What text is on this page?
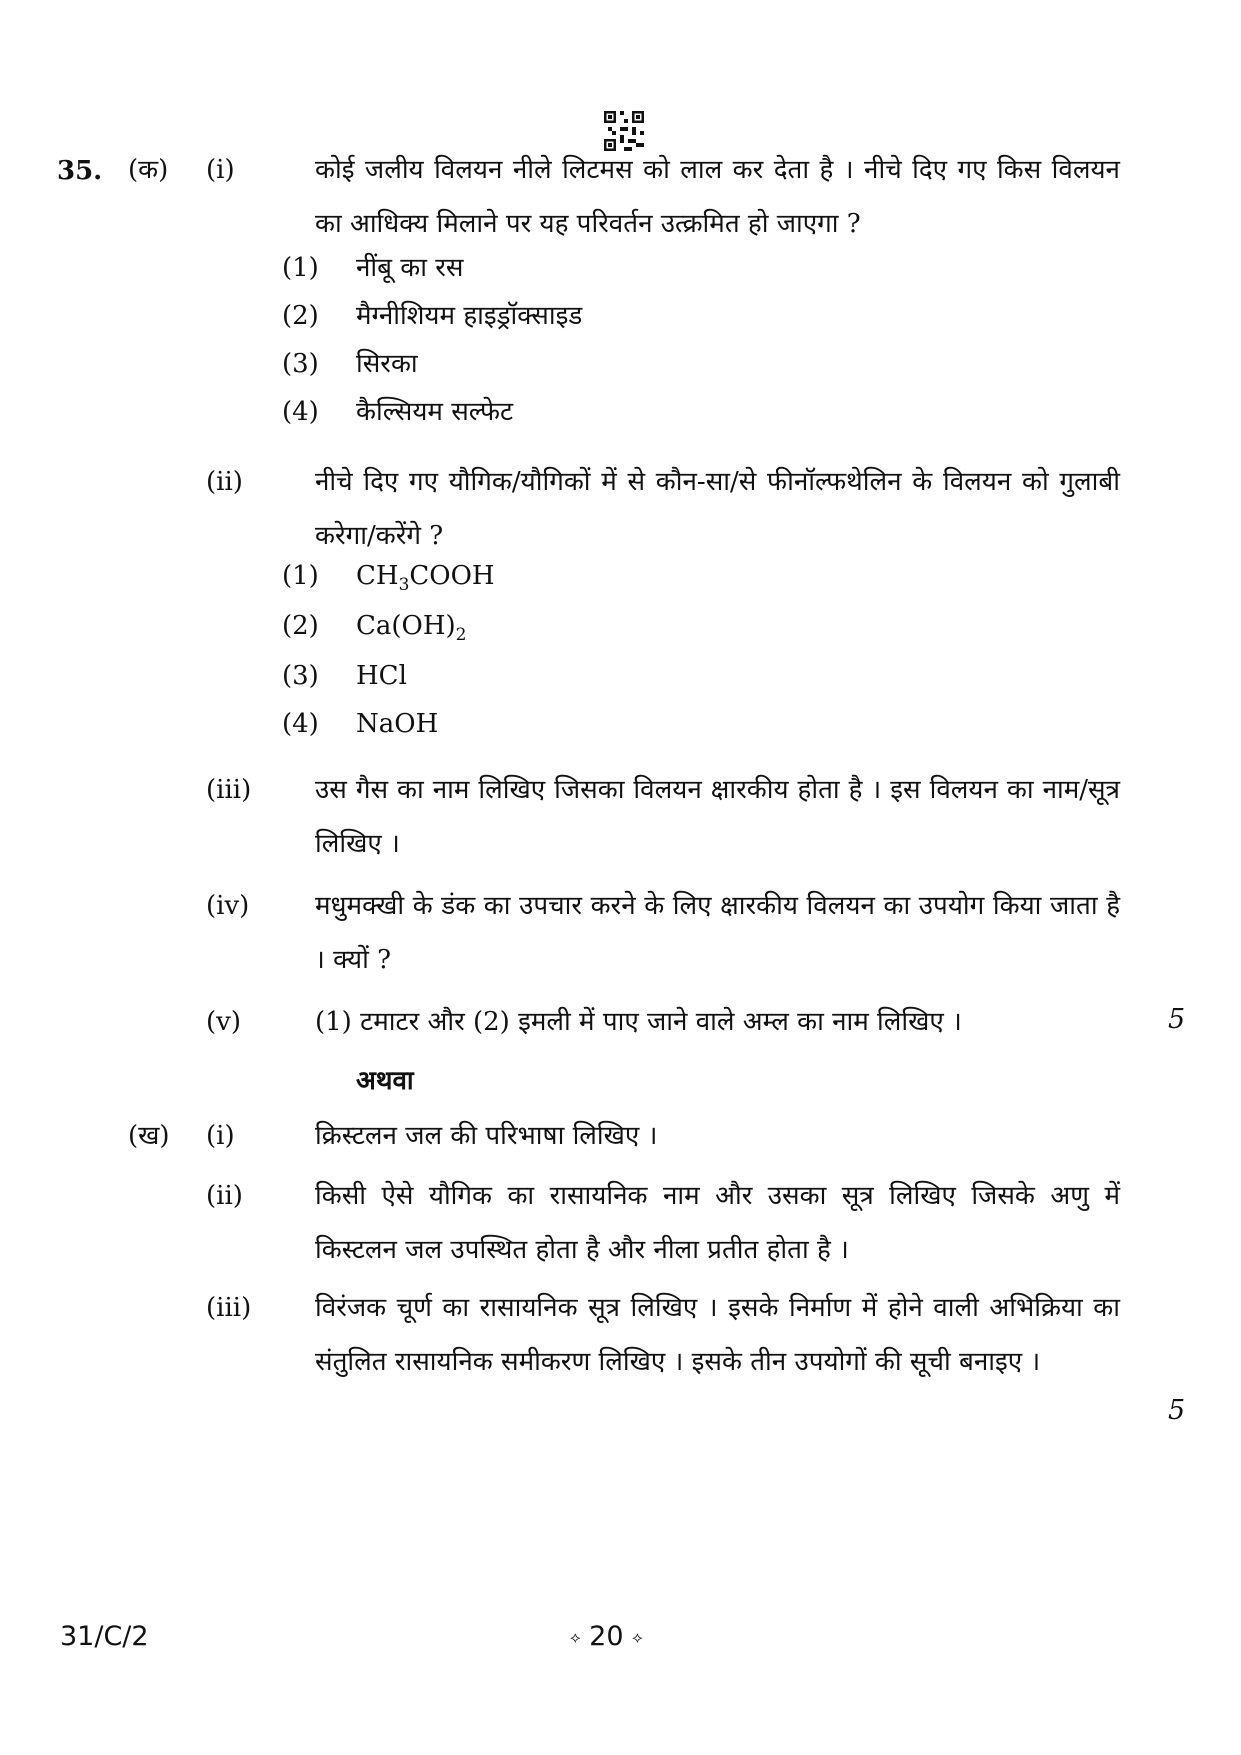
35. (क) (i)	कोई जलीय विलयन नीले लिटमस को लाल कर देता है । नीचे दिए गए किस विलयन का आधिक्य मिलाने पर यह परिवर्तन उत्क्रमित हो जाएगा ?
(1) नींबू का रस
(2) मैग्नीशियम हाइड्रॉक्साइड
(3) सिरका
(4) कैल्सियम सल्फेट
(ii)	नीचे दिए गए यौगिक/यौगिकों में से कौन-सा/से फीनॉल्फथेलिन के विलयन को गुलाबी करेगा/करेंगे ?
(1) $CH_3COOH$
(2) $Ca(OH)_2$
(3) HCl
(4) NaOH
(iii) उस गैस का नाम लिखिए जिसका विलयन क्षारकीय होता है । इस विलयन का नाम/सूत्र लिखिए ।
(iv)	मधुमक्खी के डंक का उपचार करने के लिए क्षारकीय विलयन का उपयोग किया जाता है । क्यों ?
(v)	(1) टमाटर और (2) इमली में पाए जाने वाले अम्ल का नाम लिखिए ।	5
अथवा
(ख) (i)	क्रिस्टलन जल की परिभाषा लिखिए ।
(ii)	किसी ऐसे यौगिक का रासायनिक नाम और उसका सूत्र लिखिए जिसके अणु में किस्टलन जल उपस्थित होता है और नीला प्रतीत होता है ।
(iii) विरंजक चूर्ण का रासायनिक सूत्र लिखिए । इसके निर्माण में होने वाली अभिक्रिया का संतुलित रासायनिक समीकरण लिखिए । इसके तीन उपयोगों की सूची बनाइए ।
5
31/C/2	⟡ 20 ⟡
